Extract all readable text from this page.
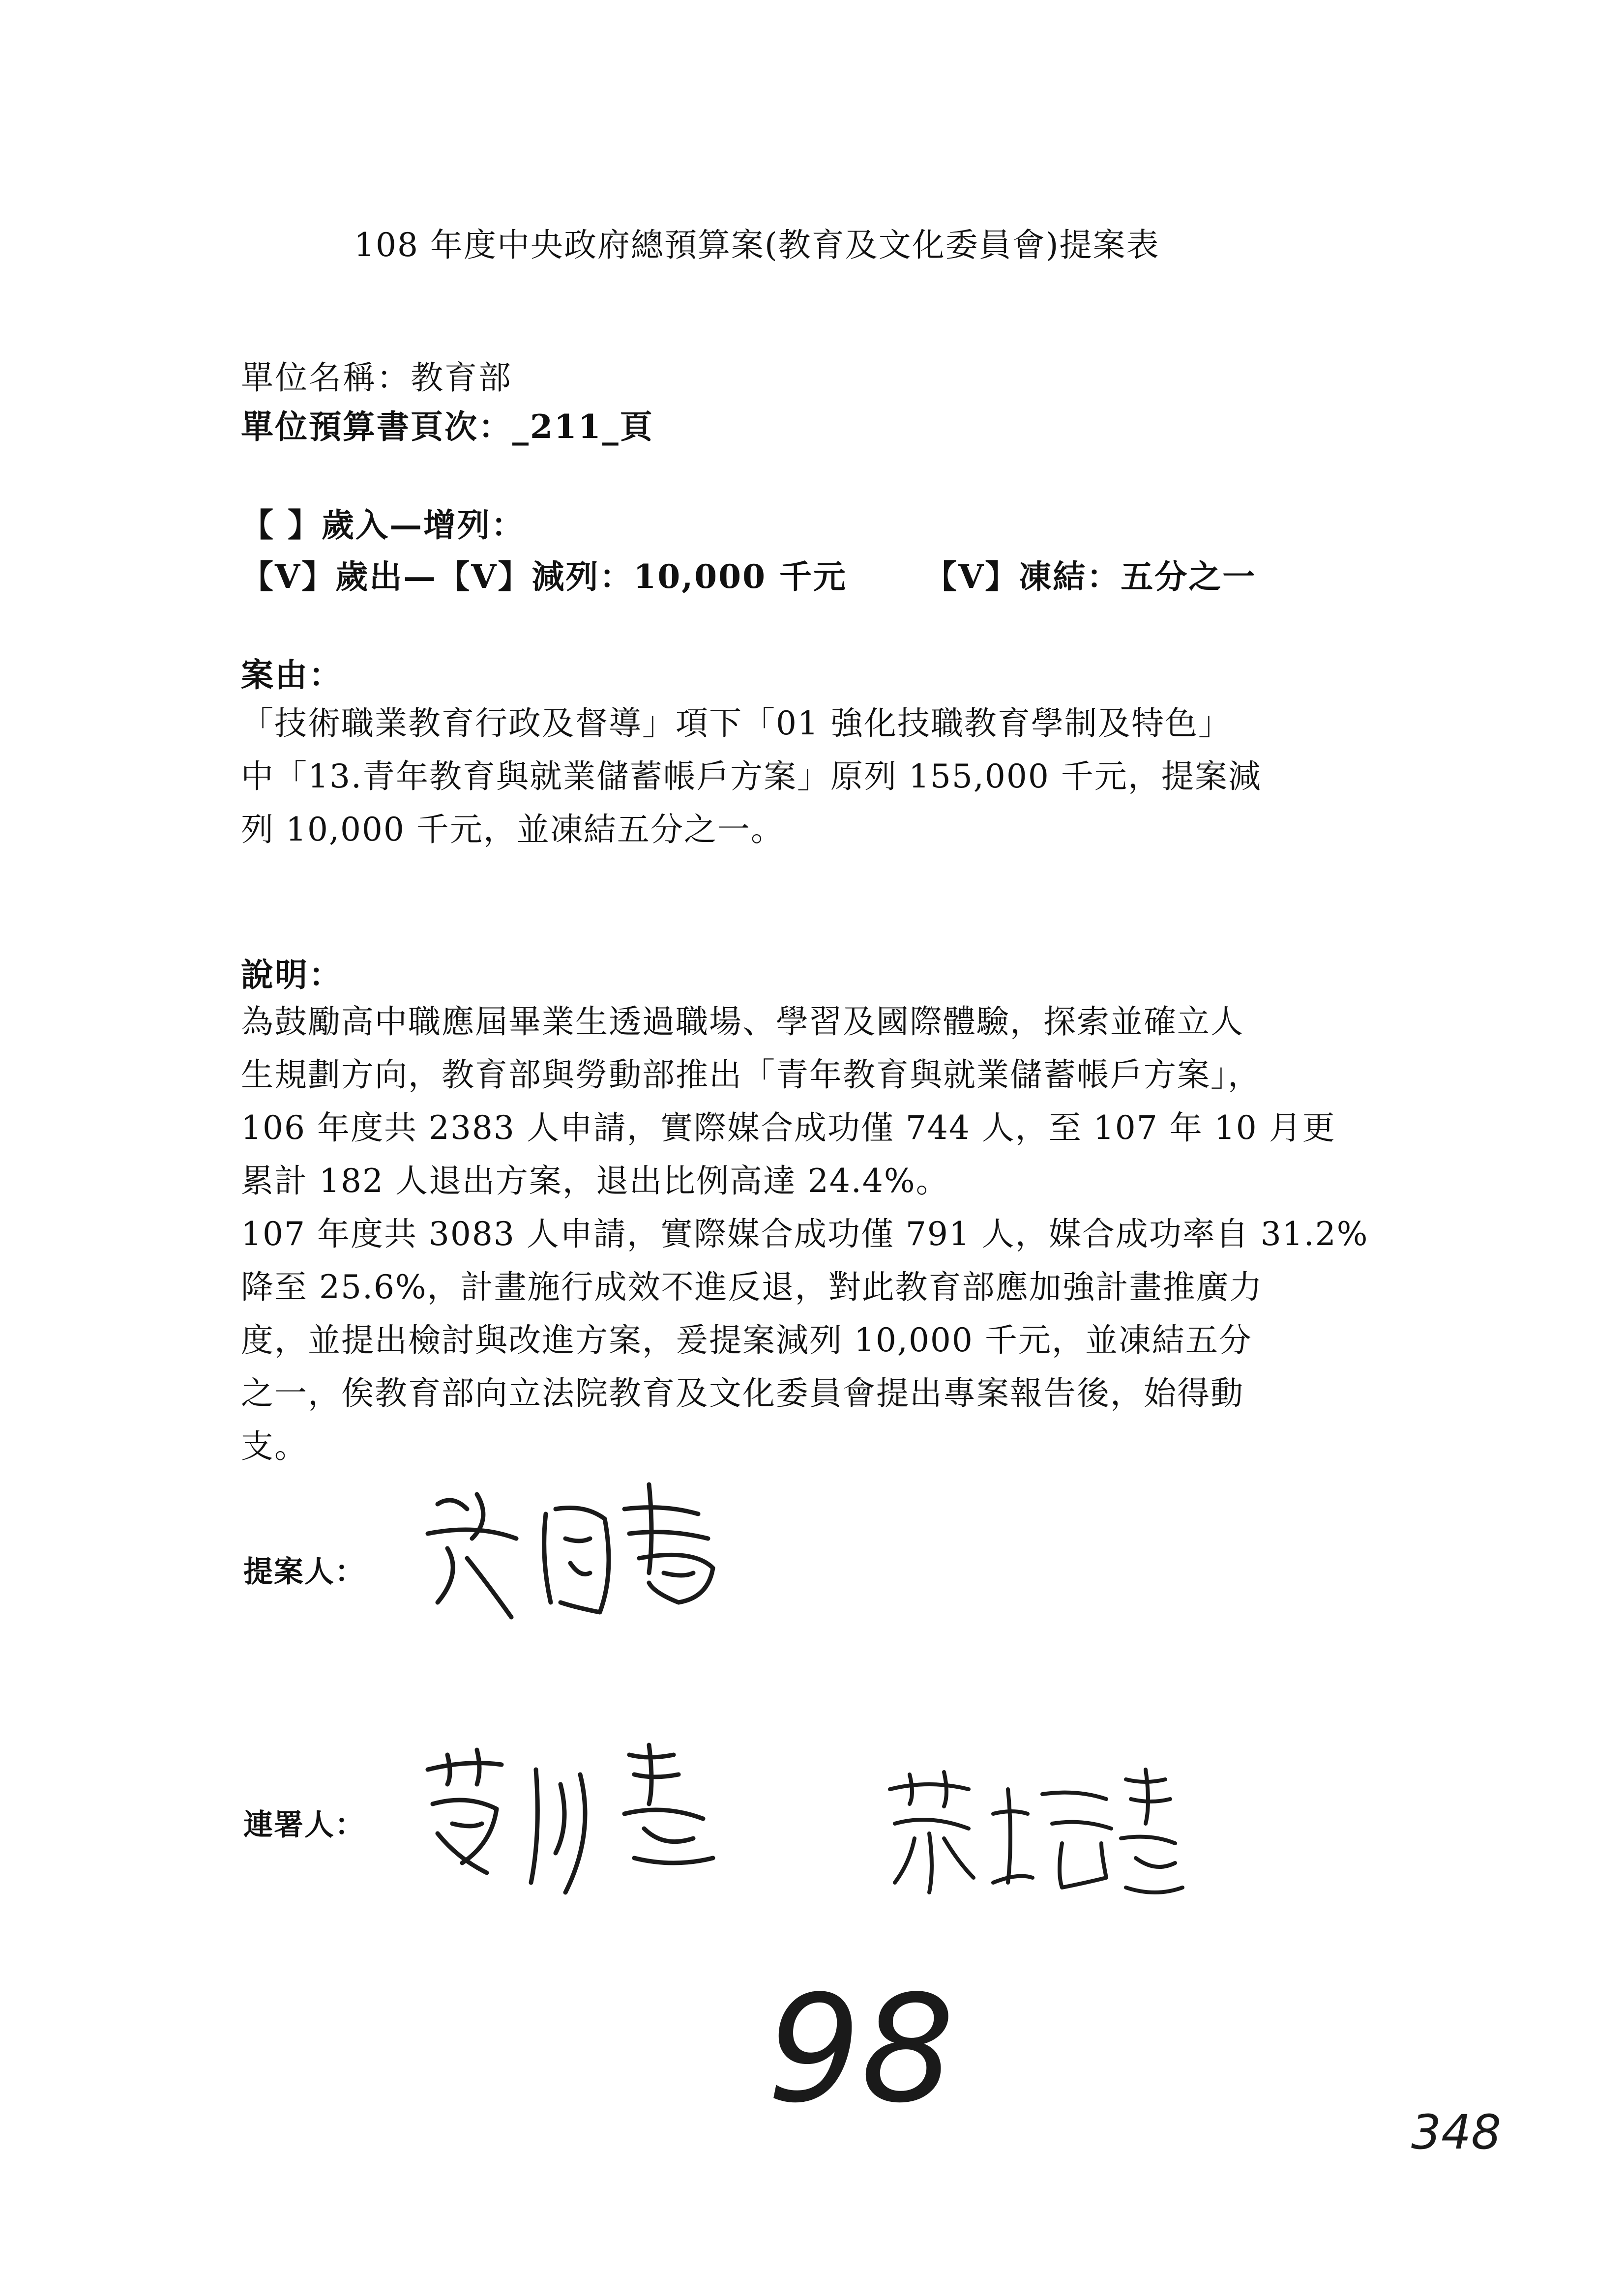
108 年度中央政府總預算案(教育及文化委員會)提案表
單位名稱：教育部
單位預算書頁次：_211_頁
【 】歲入—增列：
【V】歲出—【V】減列：10,000 千元 【V】凍結：五分之一
案由：
「技術職業教育行政及督導」項下「01 強化技職教育學制及特色」
中「13.青年教育與就業儲蓄帳戶方案」原列 155,000 千元，提案減
列 10,000 千元，並凍結五分之一。
說明：
為鼓勵高中職應屆畢業生透過職場、學習及國際體驗，探索並確立人
生規劃方向，教育部與勞動部推出「青年教育與就業儲蓄帳戶方案」，
106 年度共 2383 人申請，實際媒合成功僅 744 人，至 107 年 10 月更
累計 182 人退出方案，退出比例高達 24.4%。
107 年度共 3083 人申請，實際媒合成功僅 791 人，媒合成功率自 31.2%
降至 25.6%，計畫施行成效不進反退，對此教育部應加強計畫推廣力
度，並提出檢討與改進方案，爰提案減列 10,000 千元，並凍結五分
之一，俟教育部向立法院教育及文化委員會提出專案報告後，始得動
支。
提案人：
連署人：
98	348
